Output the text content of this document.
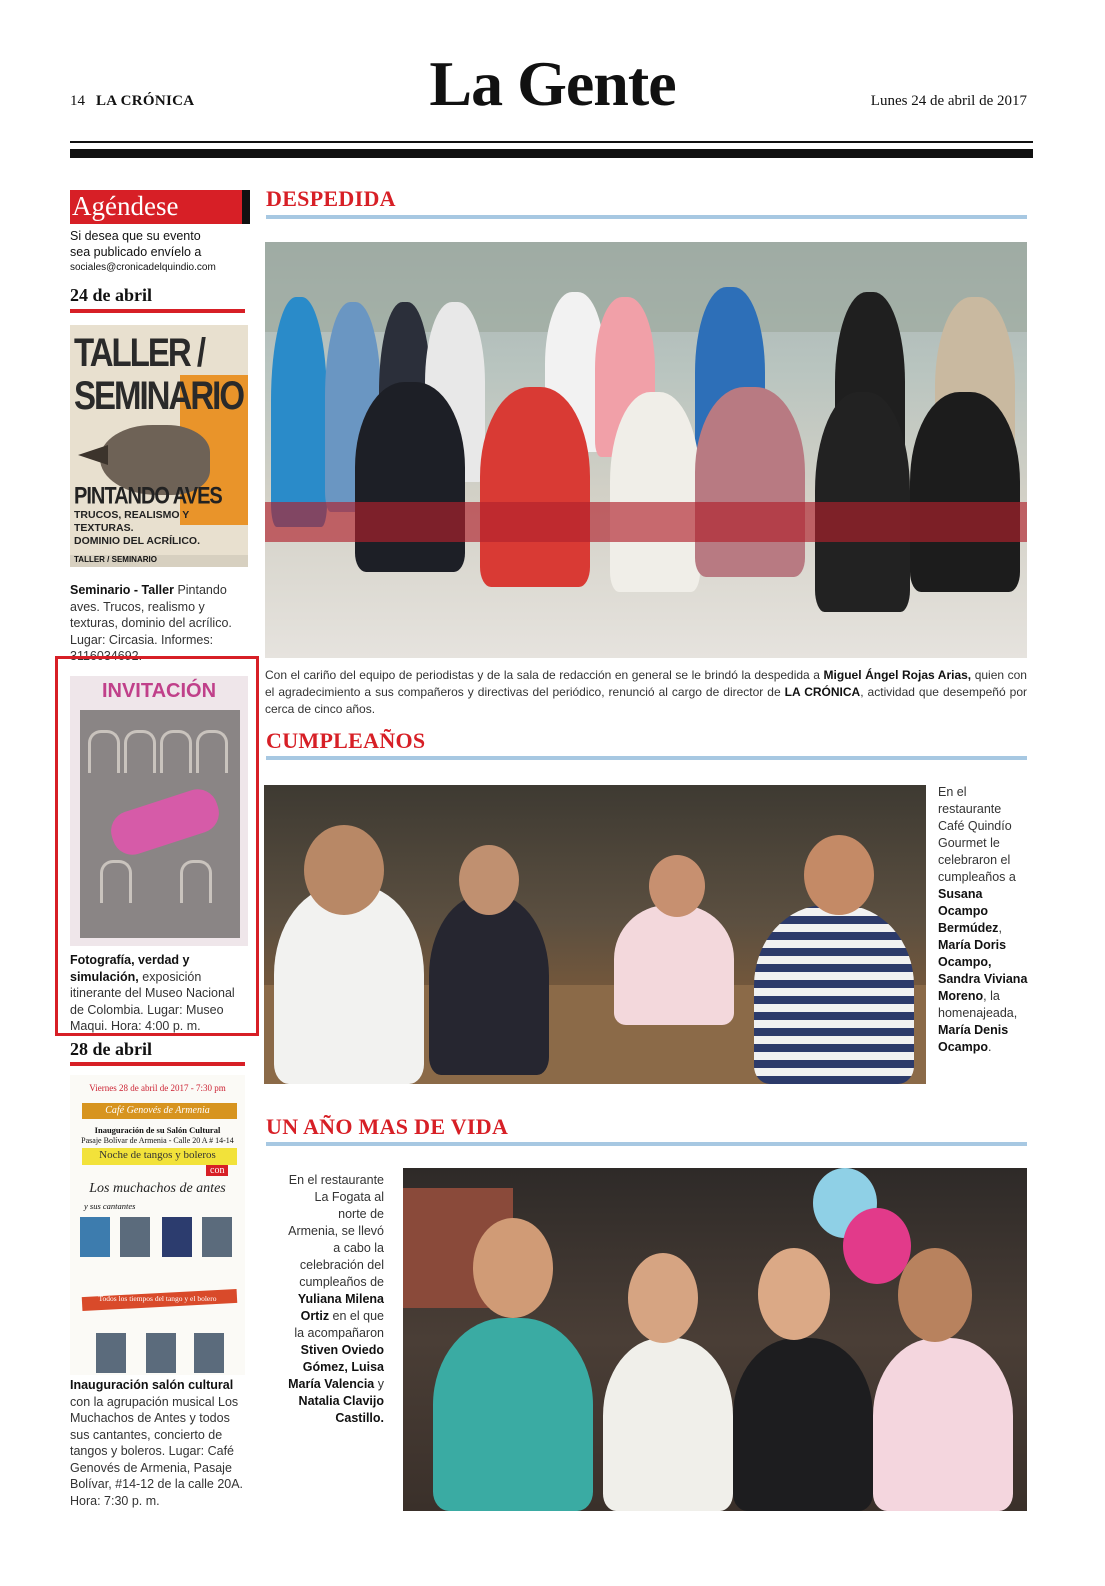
14 LA CRÓNICA	La Gente	Lunes 24 de abril de 2017
Agéndese
Si desea que su evento
sea publicado envíelo a
sociales@cronicadelquindio.com
24 de abril
TALLER / SEMINARIO
PINTANDO AVES
TRUCOS, REALISMO Y TEXTURAS.
DOMINIO DEL ACRÍLICO.
TALLER / SEMINARIO
Seminario - Taller Pintando aves. Trucos, realismo y texturas, dominio del acrílico. Lugar: Circasia. Informes: 3116034692.
INVITACIÓN
Fotografía, verdad y simulación, exposición itinerante del Museo Nacional de Colombia. Lugar: Museo Maqui. Hora: 4:00 p. m.
28 de abril
Viernes 28 de abril de 2017 - 7:30 pm
Café Genovés de Armenia
Inauguración de su Salón Cultural
Pasaje Bolívar de Armenia - Calle 20 A # 14-14
Noche de tangos y boleros
con
Los muchachos de antes
y sus cantantes
Todos los tiempos del tango y el bolero
Inauguración salón cultural con la agrupación musical Los Muchachos de Antes y todos sus cantantes, concierto de tangos y boleros. Lugar: Café Genovés de Armenia, Pasaje Bolívar, #14-12 de la calle 20A. Hora: 7:30 p. m.
DESPEDIDA
Con el cariño del equipo de periodistas y de la sala de redacción en general se le brindó la despedida a Miguel Ángel Rojas Arias, quien con el agradecimiento a sus compañeros y directivas del periódico, renunció al cargo de director de LA CRÓNICA, actividad que desempeñó por cerca de cinco años.
CUMPLEAÑOS
En el restaurante Café Quindío Gourmet le celebraron el cumpleaños a Susana Ocampo Bermúdez, María Doris Ocampo, Sandra Viviana Moreno, la homenajeada, María Denis Ocampo.
UN AÑO MAS DE VIDA
En el restaurante La Fogata al norte de Armenia, se llevó a cabo la celebración del cumpleaños de Yuliana Milena Ortiz en el que la acompañaron Stiven Oviedo Gómez, Luisa María Valencia y Natalia Clavijo Castillo.
